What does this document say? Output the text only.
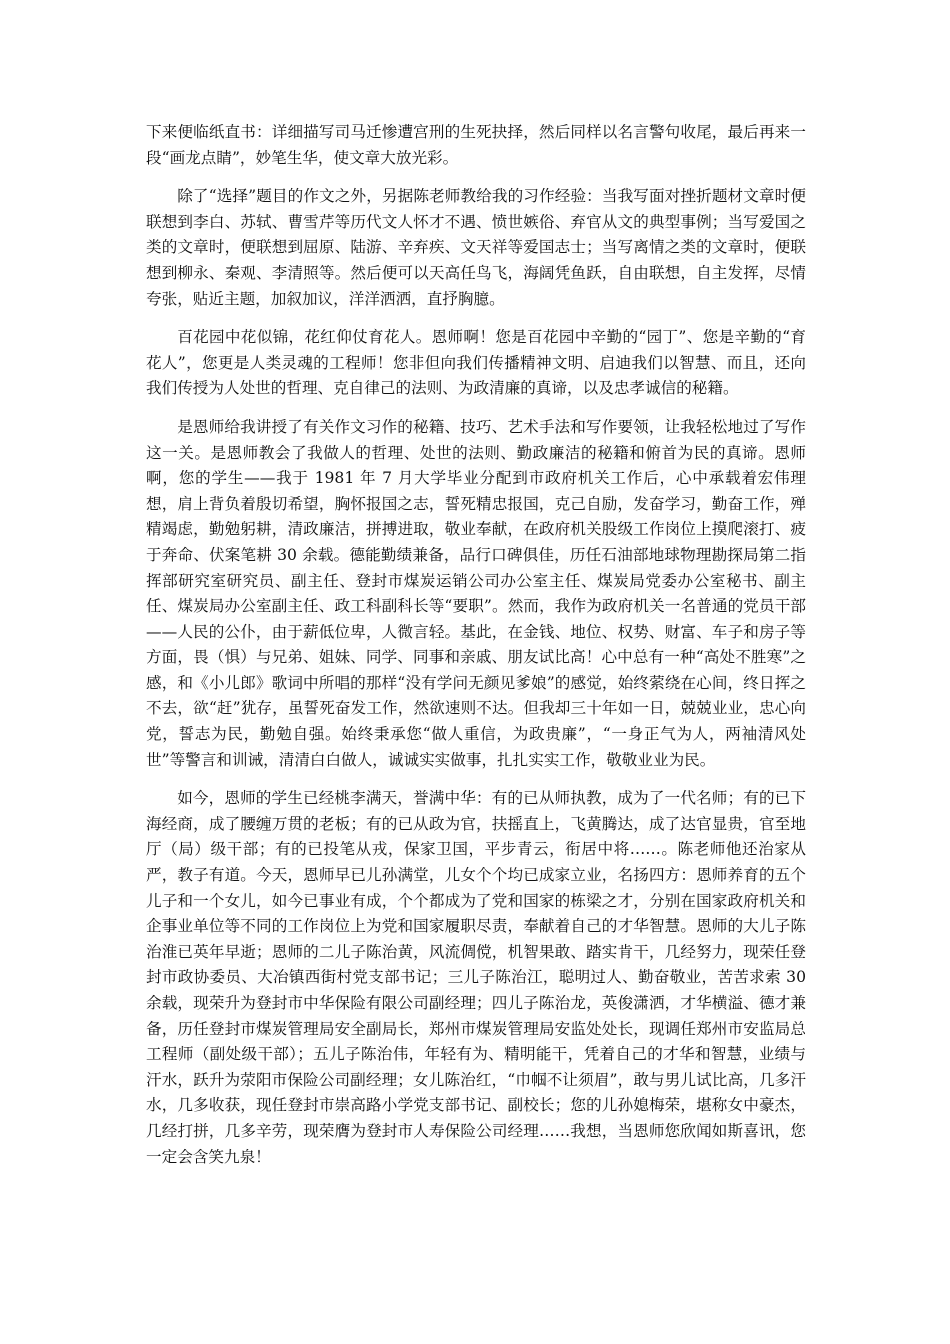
下来便临纸直书：详细描写司马迁惨遭宫刑的生死抉择，然后同样以名言警句收尾，最后再来一段“画龙点睛”，妙笔生华，使文章大放光彩。

除了“选择”题目的作文之外，另据陈老师教给我的习作经验：当我写面对挫折题材文章时便联想到李白、苏轼、曹雪芹等历代文人怀才不遇、愤世嫉俗、弃官从文的典型事例；当写爱国之类的文章时，便联想到屈原、陆游、辛弃疾、文天祥等爱国志士；当写离情之类的文章时，便联想到柳永、秦观、李清照等。然后便可以天高任鸟飞，海阔凭鱼跃，自由联想，自主发挥，尽情夸张，贴近主题，加叙加议，洋洋洒洒，直抒胸臆。

百花园中花似锦，花红仰仗育花人。恩师啊！您是百花园中辛勤的“园丁”、您是辛勤的“育花人”，您更是人类灵魂的工程师！您非但向我们传播精神文明、启迪我们以智慧、而且，还向我们传授为人处世的哲理、克自律己的法则、为政清廉的真谛，以及忠孝诚信的秘籍。

是恩师给我讲授了有关作文习作的秘籍、技巧、艺术手法和写作要领，让我轻松地过了写作这一关。是恩师教会了我做人的哲理、处世的法则、勤政廉洁的秘籍和俯首为民的真谛。恩师啊，您的学生——我于 1981 年 7 月大学毕业分配到市政府机关工作后，心中承载着宏伟理想，肩上背负着殷切希望，胸怀报国之志，誓死精忠报国，克己自励，发奋学习，勤奋工作，殚精竭虑，勤勉躬耕，清政廉洁，拼搏进取，敬业奉献，在政府机关股级工作岗位上摸爬滚打、疲于奔命、伏案笔耕 30 余载。德能勤绩兼备，品行口碑俱佳，历任石油部地球物理勘探局第二指挥部研究室研究员、副主任、登封市煤炭运销公司办公室主任、煤炭局党委办公室秘书、副主任、煤炭局办公室副主任、政工科副科长等“要职”。然而，我作为政府机关一名普通的党员干部——人民的公仆，由于薪低位卑，人微言轻。基此，在金钱、地位、权势、财富、车子和房子等方面，畏（惧）与兄弟、姐妹、同学、同事和亲戚、朋友试比高！心中总有一种“高处不胜寒”之感，和《小儿郎》歌词中所唱的那样“没有学问无颜见爹娘”的感觉，始终萦绕在心间，终日挥之不去，欲“赶”犹存，虽誓死奋发工作，然欲速则不达。但我却三十年如一日，兢兢业业，忠心向党，誓志为民，勤勉自强。始终秉承您“做人重信，为政贵廉”，“一身正气为人，两袖清风处世”等警言和训诫，清清白白做人，诚诚实实做事，扎扎实实工作，敬敬业业为民。

如今，恩师的学生已经桃李满天，誉满中华：有的已从师执教，成为了一代名师；有的已下海经商，成了腰缠万贯的老板；有的已从政为官，扶摇直上，飞黄腾达，成了达官显贵，官至地厅（局）级干部；有的已投笔从戎，保家卫国，平步青云，衔居中将……。陈老师他还治家从严，教子有道。今天，恩师早已儿孙满堂，儿女个个均已成家立业，名扬四方：恩师养育的五个儿子和一个女儿，如今已事业有成，个个都成为了党和国家的栋梁之才，分别在国家政府机关和企事业单位等不同的工作岗位上为党和国家履职尽责，奉献着自己的才华智慧。恩师的大儿子陈治淮已英年早逝；恩师的二儿子陈治黄，风流倜傥，机智果敢、踏实肯干，几经努力，现荣任登封市政协委员、大冶镇西街村党支部书记；三儿子陈治江，聪明过人、勤奋敬业，苦苦求索 30 余载，现荣升为登封市中华保险有限公司副经理；四儿子陈治龙，英俊潇洒，才华横溢、德才兼备，历任登封市煤炭管理局安全副局长，郑州市煤炭管理局安监处处长，现调任郑州市安监局总工程师（副处级干部）；五儿子陈治伟，年轻有为、精明能干，凭着自己的才华和智慧，业绩与汗水，跃升为荥阳市保险公司副经理；女儿陈治红，“巾帼不让须眉”，敢与男儿试比高，几多汗水，几多收获，现任登封市崇高路小学党支部书记、副校长；您的儿孙媳梅荣，堪称女中豪杰，几经打拼，几多辛劳，现荣膺为登封市人寿保险公司经理……我想，当恩师您欣闻如斯喜讯，您一定会含笑九泉！
